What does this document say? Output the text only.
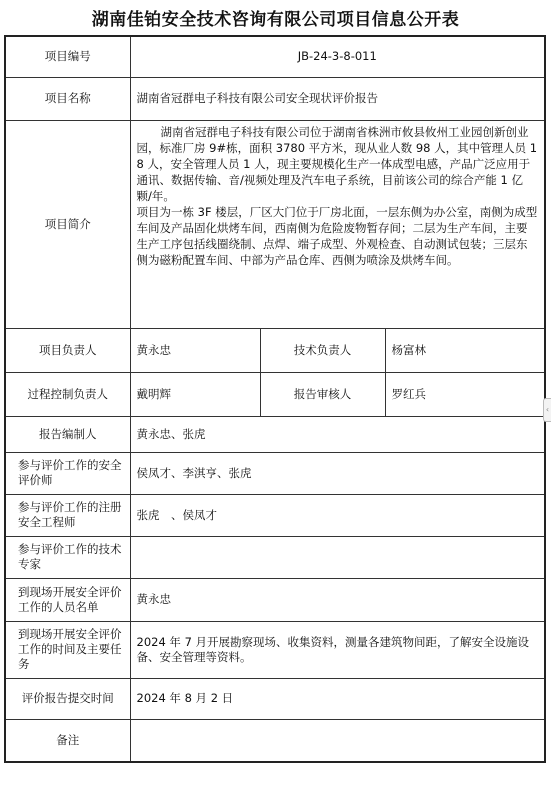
湖南佳铂安全技术咨询有限公司项目信息公开表
项目编号	JB-24-3-8-011		
项目名称	湖南省冠群电子科技有限公司安全现状评价报告		
项目简介	湖南省冠群电子科技有限公司位于湖南省株洲市攸县攸州工业园创新创业园，标准厂房 9#栋，面积 3780 平方米，现从业人数 98 人，其中管理人员 18 人，安全管理人员 1 人，现主要规模化生产一体成型电感，产品广泛应用于通讯、数据传输、音/视频处理及汽车电子系统，目前该公司的综合产能 1 亿颗/年。

项目为一栋 3F 楼层，厂区大门位于厂房北面，一层东侧为办公室，南侧为成型车间及产品固化烘烤车间，西南侧为危险废物暂存间；二层为生产车间，主要生产工序包括线圈绕制、点焊、端子成型、外观检查、自动测试包装；三层东侧为磁粉配置车间、中部为产品仓库、西侧为喷涂及烘烤车间。		

项目负责人	黄永忠	技术负责人	杨富林
过程控制负责人	戴明辉	报告审核人	罗红兵
报告编制人	黄永忠、张虎		
参与评价工作的安全评价师	侯凤才、李淇亨、张虎		
参与评价工作的注册安全工程师	张虎　、侯凤才		
参与评价工作的技术专家			
到现场开展安全评价工作的人员名单	黄永忠		
到现场开展安全评价工作的时间及主要任务	2024 年 7 月开展勘察现场、收集资料，测量各建筑物间距，了解安全设施设备、安全管理等资料。		
评价报告提交时间	2024 年 8 月 2 日		
备注			
‹
